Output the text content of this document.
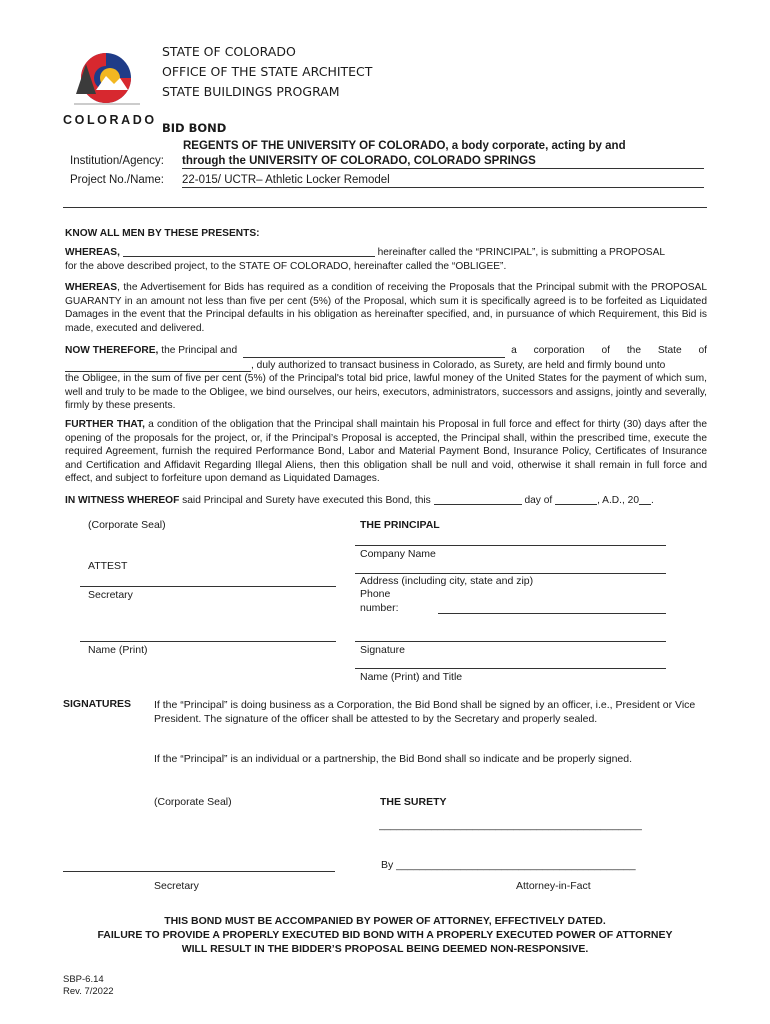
COLORADO
STATE OF COLORADO
OFFICE OF THE STATE ARCHITECT
STATE BUILDINGS PROGRAM
BID BOND
REGENTS OF THE UNIVERSITY OF COLORADO, a body corporate, acting by and
Institution/Agency: through the UNIVERSITY OF COLORADO, COLORADO SPRINGS
Project No./Name: 22-015/ UCTR– Athletic Locker Remodel
KNOW ALL MEN BY THESE PRESENTS:
WHEREAS,	hereinafter called the “PRINCIPAL”, is submitting a PROPOSAL
for the above described project, to the STATE OF COLORADO, hereinafter called the “OBLIGEE”.
WHEREAS, the Advertisement for Bids has required as a condition of receiving the Proposals that the Principal submit with the PROPOSAL GUARANTY in an amount not less than five per cent (5%) of the Proposal, which sum it is specifically agreed is to be forfeited as Liquidated Damages in the event that the Principal defaults in his obligation as hereinafter specified, and, in pursuance of which Requirement, this Bid is made, executed and delivered.
NOW THEREFORE,
the Principal and
	a corporation of the State of

, duly authorized to transact business in Colorado, as Surety, are held and firmly bound unto
the Obligee, in the sum of five per cent (5%) of the Principal's total bid price, lawful money of the United States for the payment of which sum, well and truly to be made to the Obligee, we bind ourselves, our heirs, executors, administrators, successors and assigns, jointly and severally, firmly by these presents.
FURTHER THAT, a condition of the obligation that the Principal shall maintain his Proposal in full force and effect for thirty (30) days after the opening of the proposals for the project, or, if the Principal’s Proposal is accepted, the Principal shall, within the prescribed time, execute the required Agreement, furnish the required Performance Bond, Labor and Material Payment Bond, Insurance Policy, Certificates of Insurance and Certification and Affidavit Regarding Illegal Aliens, then this obligation shall be null and void, otherwise it shall remain in full force and effect, and subject to forfeiture upon demand as Liquidated Damages.
IN WITNESS WHEREOF said Principal and Surety have executed this Bond, this	day of	, A.D., 20 .
(Corporate Seal)	THE PRINCIPAL
Company Name
ATTEST
Address (including city, state and zip)
Secretary	Phone
number:
Name (Print)	Signature
Name (Print) and Title
SIGNATURES If the “Principal” is doing business as a Corporation, the Bid Bond shall be signed by an officer, i.e., President or Vice President. The signature of the officer shall be attested to by the Secretary and properly sealed.
If the “Principal” is an individual or a partnership, the Bid Bond shall so indicate and be properly signed.
(Corporate Seal)	THE SURETY
_____________________________________________
By _________________________________________
Secretary	Attorney-in-Fact
THIS BOND MUST BE ACCOMPANIED BY POWER OF ATTORNEY, EFFECTIVELY DATED.
FAILURE TO PROVIDE A PROPERLY EXECUTED BID BOND WITH A PROPERLY EXECUTED POWER OF ATTORNEY
WILL RESULT IN THE BIDDER’S PROPOSAL BEING DEEMED NON-RESPONSIVE.
SBP-6.14
Rev. 7/2022
